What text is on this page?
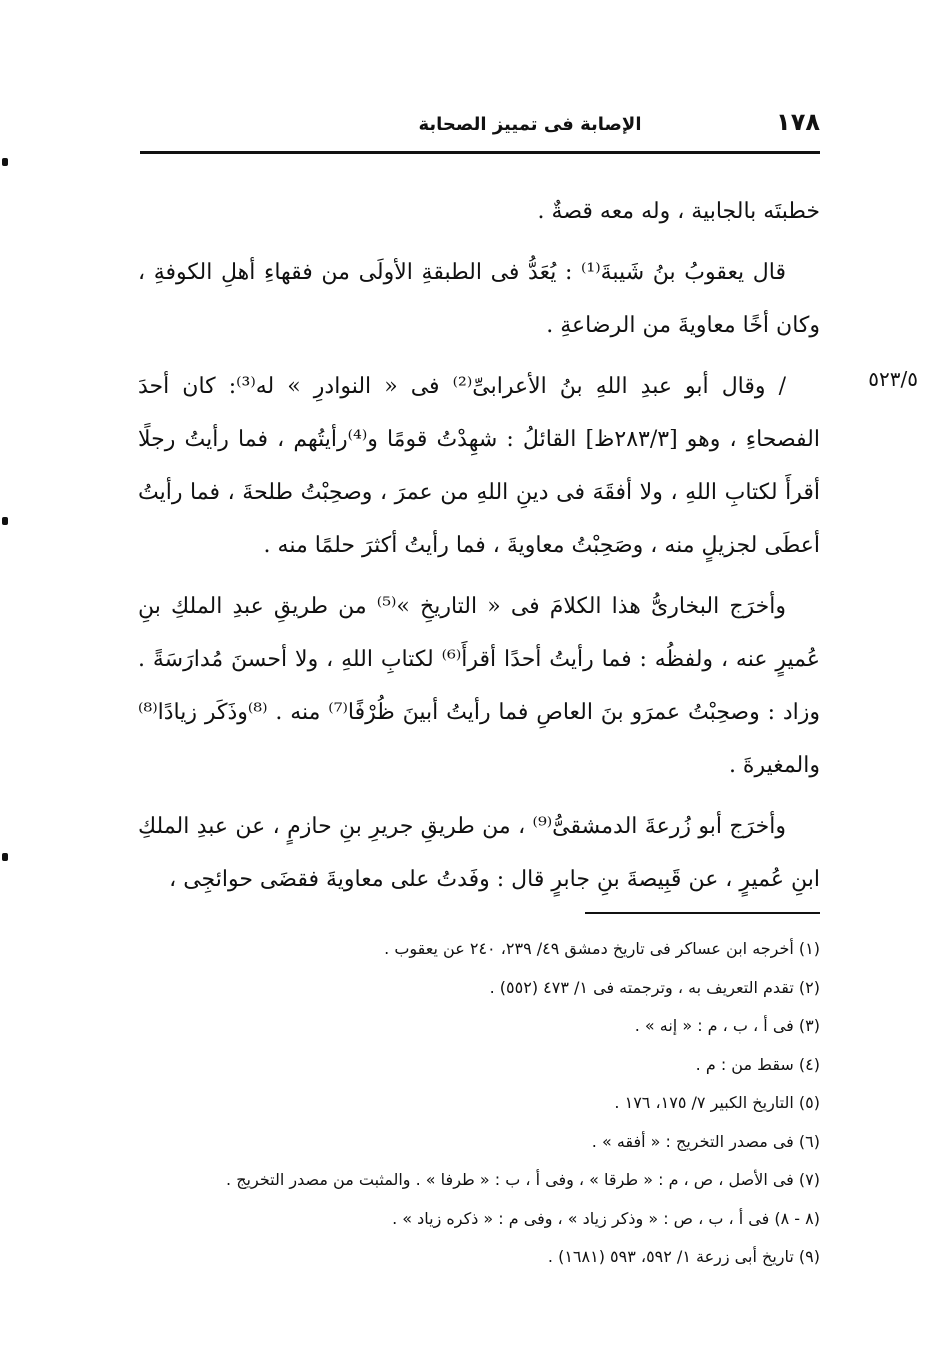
١٧٨
الإصابة فى تمييز الصحابة
٥٢٣/٥

خطبتَه بالجابية ، وله معه قصةٌ .

قال يعقوبُ بنُ شَيبةَ⁽¹⁾ : يُعَدُّ فى الطبقةِ الأولَى من فقهاءِ أهلِ الكوفةِ ، وكان أخًا معاويةَ من الرضاعةِ .

/ وقال أبو عبدِ اللهِ بنُ الأعرابىِّ⁽²⁾ فى « النوادرِ » له⁽³⁾: كان أحدَ الفصحاءِ ، وهو [٢٨٣/٣ظ] القائلُ : شهِدْتُ قومًا و⁽⁴⁾رأيتُهم ، فما رأيتُ رجلًا أقرأَ لكتابِ اللهِ ، ولا أفقَهَ فى دينِ اللهِ من عمرَ ، وصحِبْتُ طلحةَ ، فما رأيتُ أعطَى لجزيلٍ منه ، وصَحِبْتُ معاويةَ ، فما رأيتُ أكثرَ حلمًا منه .

وأخرَج البخارىُّ هذا الكلامَ فى « التاريخِ »⁽⁵⁾ من طريقِ عبدِ الملكِ بنِ عُميرٍ عنه ، ولفظُه : فما رأيتُ أحدًا أقرأَ⁽⁶⁾ لكتابِ اللهِ ، ولا أحسنَ مُدارَسَةً . وزاد : وصحِبْتُ عمرَو بنَ العاصِ فما رأيتُ أبينَ ظُرْفًا⁽⁷⁾ منه . ⁽⁸⁾وذَكَر زيادًا⁽⁸⁾ والمغيرةَ .

وأخرَج أبو زُرعةَ الدمشقىُّ⁽⁹⁾ ، من طريقِ جريرِ بنِ حازمٍ ، عن عبدِ الملكِ ابنِ عُميرٍ ، عن قَبِيصةَ بنِ جابرٍ قال : وفَدتُ على معاويةَ فقضَى حوائجِى ،

(١) أخرجه ابن عساكر فى تاريخ دمشق ٤٩/ ٢٣٩، ٢٤٠ عن يعقوب .
(٢) تقدم التعريف به ، وترجمته فى ١/ ٤٧٣ (٥٥٢) .
(٣) فى أ ، ب ، م : « إنه » .
(٤) سقط من : م .
(٥) التاريخ الكبير ٧/ ١٧٥، ١٧٦ .
(٦) فى مصدر التخريج : « أفقه » .
(٧) فى الأصل ، ص ، م : « طرقا » ، وفى أ ، ب : « طرفا » . والمثبت من مصدر التخريج .
(٨ - ٨) فى أ ، ب ، ص : « وذكر زياد » ، وفى م : « ذكره زياد » .
(٩) تاريخ أبى زرعة ١/ ٥٩٢، ٥٩٣ (١٦٨١) .
